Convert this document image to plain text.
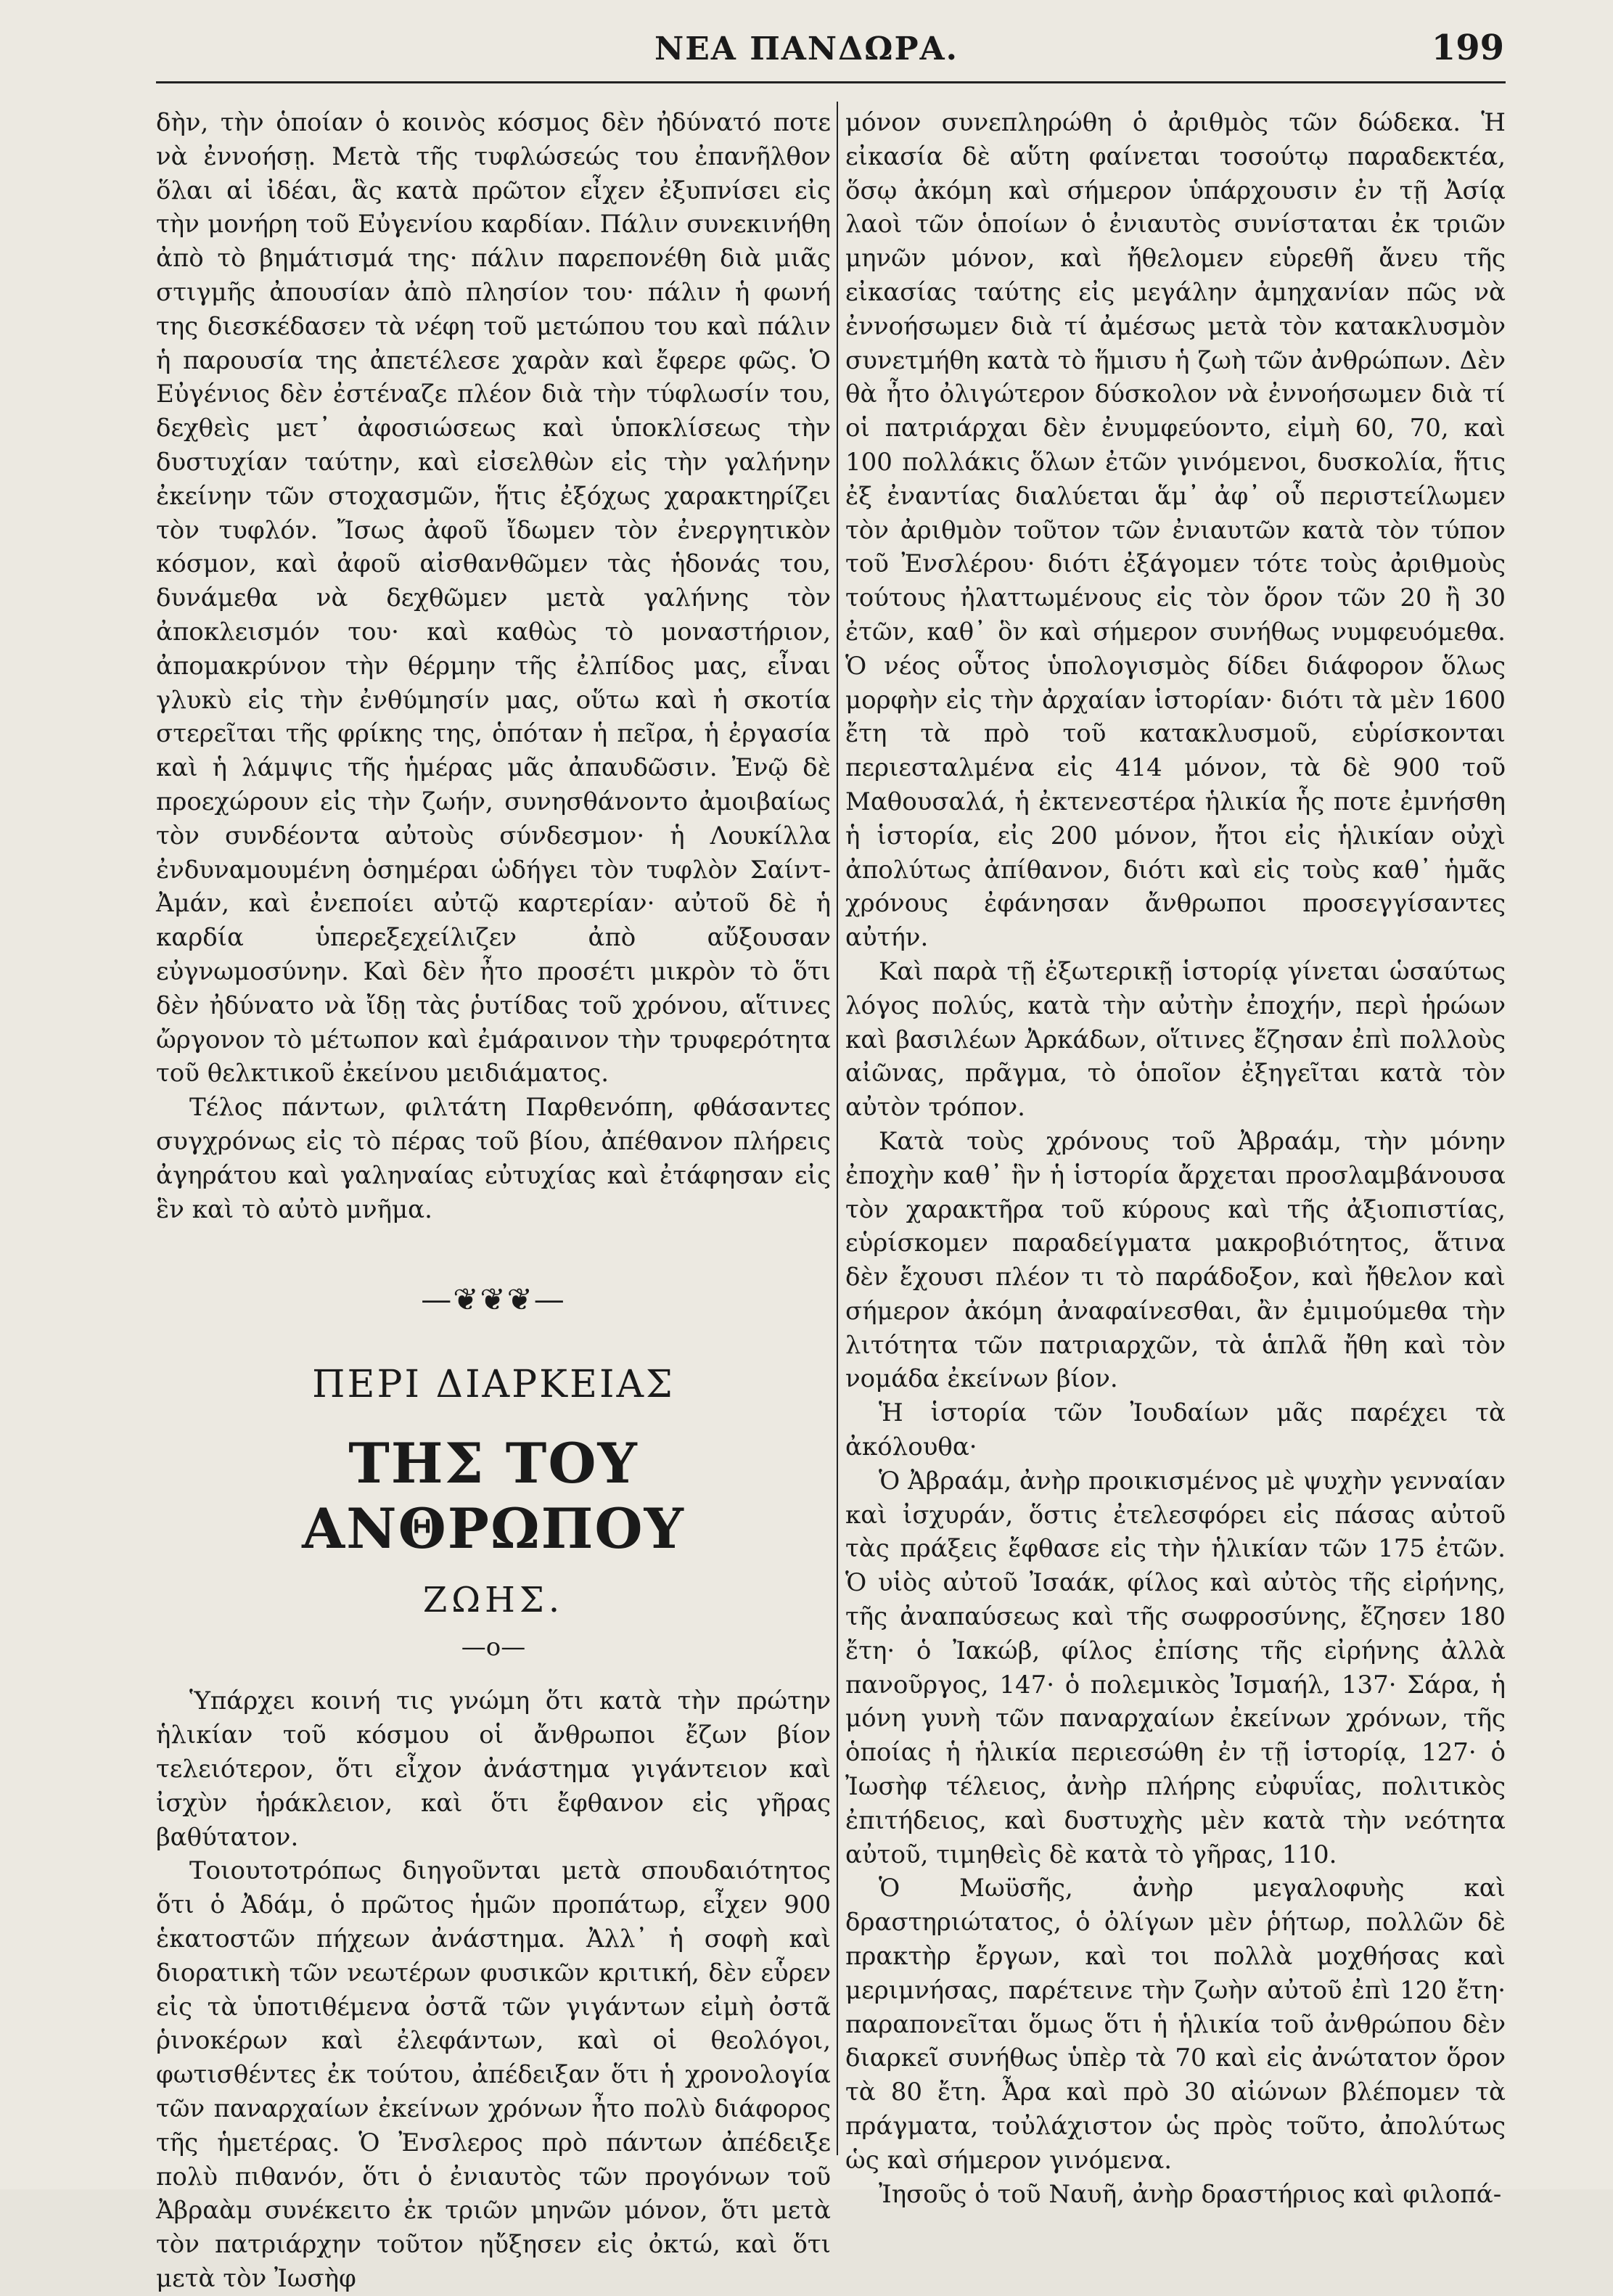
ΝΕΑ ΠΑΝΔΩΡΑ.	199

δὴν, τὴν ὁποίαν ὁ κοινὸς κόσμος δὲν ἠδύνατό ποτε νὰ ἐννοήσῃ. Μετὰ τῆς τυφλώσεώς του ἐπανῆλθον ὅλαι αἱ ἰδέαι, ἃς κατὰ πρῶτον εἶχεν ἐξυπνίσει εἰς τὴν μονήρη τοῦ Εὐγενίου καρδίαν. Πάλιν συνεκινήθη ἀπὸ τὸ βημάτισμά της· πάλιν παρεπονέθη διὰ μιᾶς στιγμῆς ἀπουσίαν ἀπὸ πλησίον του· πάλιν ἡ φωνή της διεσκέδασεν τὰ νέφη τοῦ μετώπου του καὶ πάλιν ἡ παρουσία της ἀπετέλεσε χαρὰν καὶ ἔφερε φῶς. Ὁ Εὐγένιος δὲν ἐστέναζε πλέον διὰ τὴν τύφλωσίν του, δεχθεὶς μετ᾽ ἀφοσιώσεως καὶ ὑποκλίσεως τὴν δυστυχίαν ταύτην, καὶ εἰσελθὼν εἰς τὴν γαλήνην ἐκείνην τῶν στοχασμῶν, ἥτις ἐξόχως χαρακτηρίζει τὸν τυφλόν. Ἴσως ἀφοῦ ἴδωμεν τὸν ἐνεργητικὸν κόσμον, καὶ ἀφοῦ αἰσθανθῶμεν τὰς ἡδονάς του, δυνάμεθα νὰ δεχθῶμεν μετὰ γαλήνης τὸν ἀποκλεισμόν του· καὶ καθὼς τὸ μοναστήριον, ἀπομακρύνον τὴν θέρμην τῆς ἐλπίδος μας, εἶναι γλυκὺ εἰς τὴν ἐνθύμησίν μας, οὕτω καὶ ἡ σκοτία στερεῖται τῆς φρίκης της, ὁπόταν ἡ πεῖρα, ἡ ἐργασία καὶ ἡ λάμψις τῆς ἡμέρας μᾶς ἀπαυδῶσιν. Ἐνῷ δὲ προεχώρουν εἰς τὴν ζωήν, συνησθάνοντο ἀμοιβαίως τὸν συνδέοντα αὐτοὺς σύνδεσμον· ἡ Λουκίλλα ἐνδυναμουμένη ὁσημέραι ὡδήγει τὸν τυφλὸν Σαίντ-Ἀμάν, καὶ ἐνεποίει αὐτῷ καρτερίαν· αὐτοῦ δὲ ἡ καρδία ὑπερεξεχείλιζεν ἀπὸ αὔξουσαν εὐγνωμοσύνην. Καὶ δὲν ἦτο προσέτι μικρὸν τὸ ὅτι δὲν ἠδύνατο νὰ ἴδῃ τὰς ῥυτίδας τοῦ χρόνου, αἵτινες ὤργονον τὸ μέτωπον καὶ ἐμάραινον τὴν τρυφερότητα τοῦ θελκτικοῦ ἐκείνου μειδιάματος.

Τέλος πάντων, φιλτάτη Παρθενόπη, φθάσαντες συγχρόνως εἰς τὸ πέρας τοῦ βίου, ἀπέθανον πλήρεις ἀγηράτου καὶ γαληναίας εὐτυχίας καὶ ἐτάφησαν εἰς ἓν καὶ τὸ αὐτὸ μνῆμα.

—❦❦❦—
ΠΕΡΙ ΔΙΑΡΚΕΙΑΣ
ΤΗΣ ΤΟΥ ΑΝΘΡΩΠΟΥ
ΖΩΗΣ.
—o—

Ὑπάρχει κοινή τις γνώμη ὅτι κατὰ τὴν πρώτην ἡλικίαν τοῦ κόσμου οἱ ἄνθρωποι ἔζων βίον τελειότερον, ὅτι εἶχον ἀνάστημα γιγάντειον καὶ ἰσχὺν ἡράκλειον, καὶ ὅτι ἔφθανον εἰς γῆρας βαθύτατον.

Τοιουτοτρόπως διηγοῦνται μετὰ σπουδαιότητος ὅτι ὁ Ἀδάμ, ὁ πρῶτος ἡμῶν προπάτωρ, εἶχεν 900 ἑκατοστῶν πήχεων ἀνάστημα. Ἀλλ᾽ ἡ σοφὴ καὶ διορατικὴ τῶν νεωτέρων φυσικῶν κριτική, δὲν εὗρεν εἰς τὰ ὑποτιθέμενα ὀστᾶ τῶν γιγάντων εἰμὴ ὀστᾶ ῥινοκέρων καὶ ἐλεφάντων, καὶ οἱ θεολόγοι, φωτισθέντες ἐκ τούτου, ἀπέδειξαν ὅτι ἡ χρονολογία τῶν παναρχαίων ἐκείνων χρόνων ἦτο πολὺ διάφορος τῆς ἡμετέρας. Ὁ Ἐνσλερος πρὸ πάντων ἀπέδειξε πολὺ πιθανόν, ὅτι ὁ ἐνιαυτὸς τῶν προγόνων τοῦ Ἀβραὰμ συνέκειτο ἐκ τριῶν μηνῶν μόνον, ὅτι μετὰ τὸν πατριάρχην τοῦτον ηὔξησεν εἰς ὀκτώ, καὶ ὅτι μετὰ τὸν Ἰωσὴφ

μόνον συνεπληρώθη ὁ ἀριθμὸς τῶν δώδεκα. Ἡ εἰκασία δὲ αὕτη φαίνεται τοσούτῳ παραδεκτέα, ὅσῳ ἀκόμη καὶ σήμερον ὑπάρχουσιν ἐν τῇ Ἀσίᾳ λαοὶ τῶν ὁποίων ὁ ἐνιαυτὸς συνίσταται ἐκ τριῶν μηνῶν μόνον, καὶ ἤθελομεν εὑρεθῆ ἄνευ τῆς εἰκασίας ταύτης εἰς μεγάλην ἀμηχανίαν πῶς νὰ ἐννοήσωμεν διὰ τί ἀμέσως μετὰ τὸν κατακλυσμὸν συνετμήθη κατὰ τὸ ἥμισυ ἡ ζωὴ τῶν ἀνθρώπων. Δὲν θὰ ἦτο ὀλιγώτερον δύσκολον νὰ ἐννοήσωμεν διὰ τί οἱ πατριάρχαι δὲν ἐνυμφεύοντο, εἰμὴ 60, 70, καὶ 100 πολλάκις ὅλων ἐτῶν γινόμενοι, δυσκολία, ἥτις ἐξ ἐναντίας διαλύεται ἅμ᾽ ἀφ᾽ οὗ περιστείλωμεν τὸν ἀριθμὸν τοῦτον τῶν ἐνιαυτῶν κατὰ τὸν τύπον τοῦ Ἐνσλέρου· διότι ἐξάγομεν τότε τοὺς ἀριθμοὺς τούτους ἠλαττωμένους εἰς τὸν ὅρον τῶν 20 ἢ 30 ἐτῶν, καθ᾽ ὃν καὶ σήμερον συνήθως νυμφευόμεθα. Ὁ νέος οὗτος ὑπολογισμὸς δίδει διάφορον ὅλως μορφὴν εἰς τὴν ἀρχαίαν ἱστορίαν· διότι τὰ μὲν 1600 ἔτη τὰ πρὸ τοῦ κατακλυσμοῦ, εὑρίσκονται περιεσταλμένα εἰς 414 μόνον, τὰ δὲ 900 τοῦ Μαθουσαλά, ἡ ἐκτενεστέρα ἡλικία ἧς ποτε ἐμνήσθη ἡ ἱστορία, εἰς 200 μόνον, ἤτοι εἰς ἡλικίαν οὐχὶ ἀπολύτως ἀπίθανον, διότι καὶ εἰς τοὺς καθ᾽ ἡμᾶς χρόνους ἐφάνησαν ἄνθρωποι προσεγγίσαντες αὐτήν.

Καὶ παρὰ τῇ ἐξωτερικῇ ἱστορίᾳ γίνεται ὡσαύτως λόγος πολύς, κατὰ τὴν αὐτὴν ἐποχήν, περὶ ἡρώων καὶ βασιλέων Ἀρκάδων, οἵτινες ἔζησαν ἐπὶ πολλοὺς αἰῶνας, πρᾶγμα, τὸ ὁποῖον ἐξηγεῖται κατὰ τὸν αὐτὸν τρόπον.

Κατὰ τοὺς χρόνους τοῦ Ἀβραάμ, τὴν μόνην ἐποχὴν καθ᾽ ἣν ἡ ἱστορία ἄρχεται προσλαμβάνουσα τὸν χαρακτῆρα τοῦ κύρους καὶ τῆς ἀξιοπιστίας, εὑρίσκομεν παραδείγματα μακροβιότητος, ἅτινα δὲν ἔχουσι πλέον τι τὸ παράδοξον, καὶ ἤθελον καὶ σήμερον ἀκόμη ἀναφαίνεσθαι, ἂν ἐμιμούμεθα τὴν λιτότητα τῶν πατριαρχῶν, τὰ ἁπλᾶ ἤθη καὶ τὸν νομάδα ἐκείνων βίον.

Ἡ ἱστορία τῶν Ἰουδαίων μᾶς παρέχει τὰ ἀκόλουθα·

Ὁ Ἀβραάμ, ἀνὴρ προικισμένος μὲ ψυχὴν γενναίαν καὶ ἰσχυράν, ὅστις ἐτελεσφόρει εἰς πάσας αὐτοῦ τὰς πράξεις ἔφθασε εἰς τὴν ἡλικίαν τῶν 175 ἐτῶν. Ὁ υἱὸς αὐτοῦ Ἰσαάκ, φίλος καὶ αὐτὸς τῆς εἰρήνης, τῆς ἀναπαύσεως καὶ τῆς σωφροσύνης, ἔζησεν 180 ἔτη· ὁ Ἰακώβ, φίλος ἐπίσης τῆς εἰρήνης ἀλλὰ πανοῦργος, 147· ὁ πολεμικὸς Ἰσμαήλ, 137· Σάρα, ἡ μόνη γυνὴ τῶν παναρχαίων ἐκείνων χρόνων, τῆς ὁποίας ἡ ἡλικία περιεσώθη ἐν τῇ ἱστορίᾳ, 127· ὁ Ἰωσὴφ τέλειος, ἀνὴρ πλήρης εὐφυΐας, πολιτικὸς ἐπιτήδειος, καὶ δυστυχὴς μὲν κατὰ τὴν νεότητα αὐτοῦ, τιμηθεὶς δὲ κατὰ τὸ γῆρας, 110.

Ὁ Μωϋσῆς, ἀνὴρ μεγαλοφυὴς καὶ δραστηριώτατος, ὁ ὀλίγων μὲν ῥήτωρ, πολλῶν δὲ πρακτὴρ ἔργων, καὶ τοι πολλὰ μοχθήσας καὶ μεριμνήσας, παρέτεινε τὴν ζωὴν αὐτοῦ ἐπὶ 120 ἔτη· παραπονεῖται ὅμως ὅτι ἡ ἡλικία τοῦ ἀνθρώπου δὲν διαρκεῖ συνήθως ὑπὲρ τὰ 70 καὶ εἰς ἀνώτατον ὅρον τὰ 80 ἔτη. Ἆρα καὶ πρὸ 30 αἰώνων βλέπομεν τὰ πράγματα, τοὐλάχιστον ὡς πρὸς τοῦτο, ἀπολύτως ὡς καὶ σήμερον γινόμενα.

Ἰησοῦς ὁ τοῦ Ναυῆ, ἀνὴρ δραστήριος καὶ φιλοπά-
